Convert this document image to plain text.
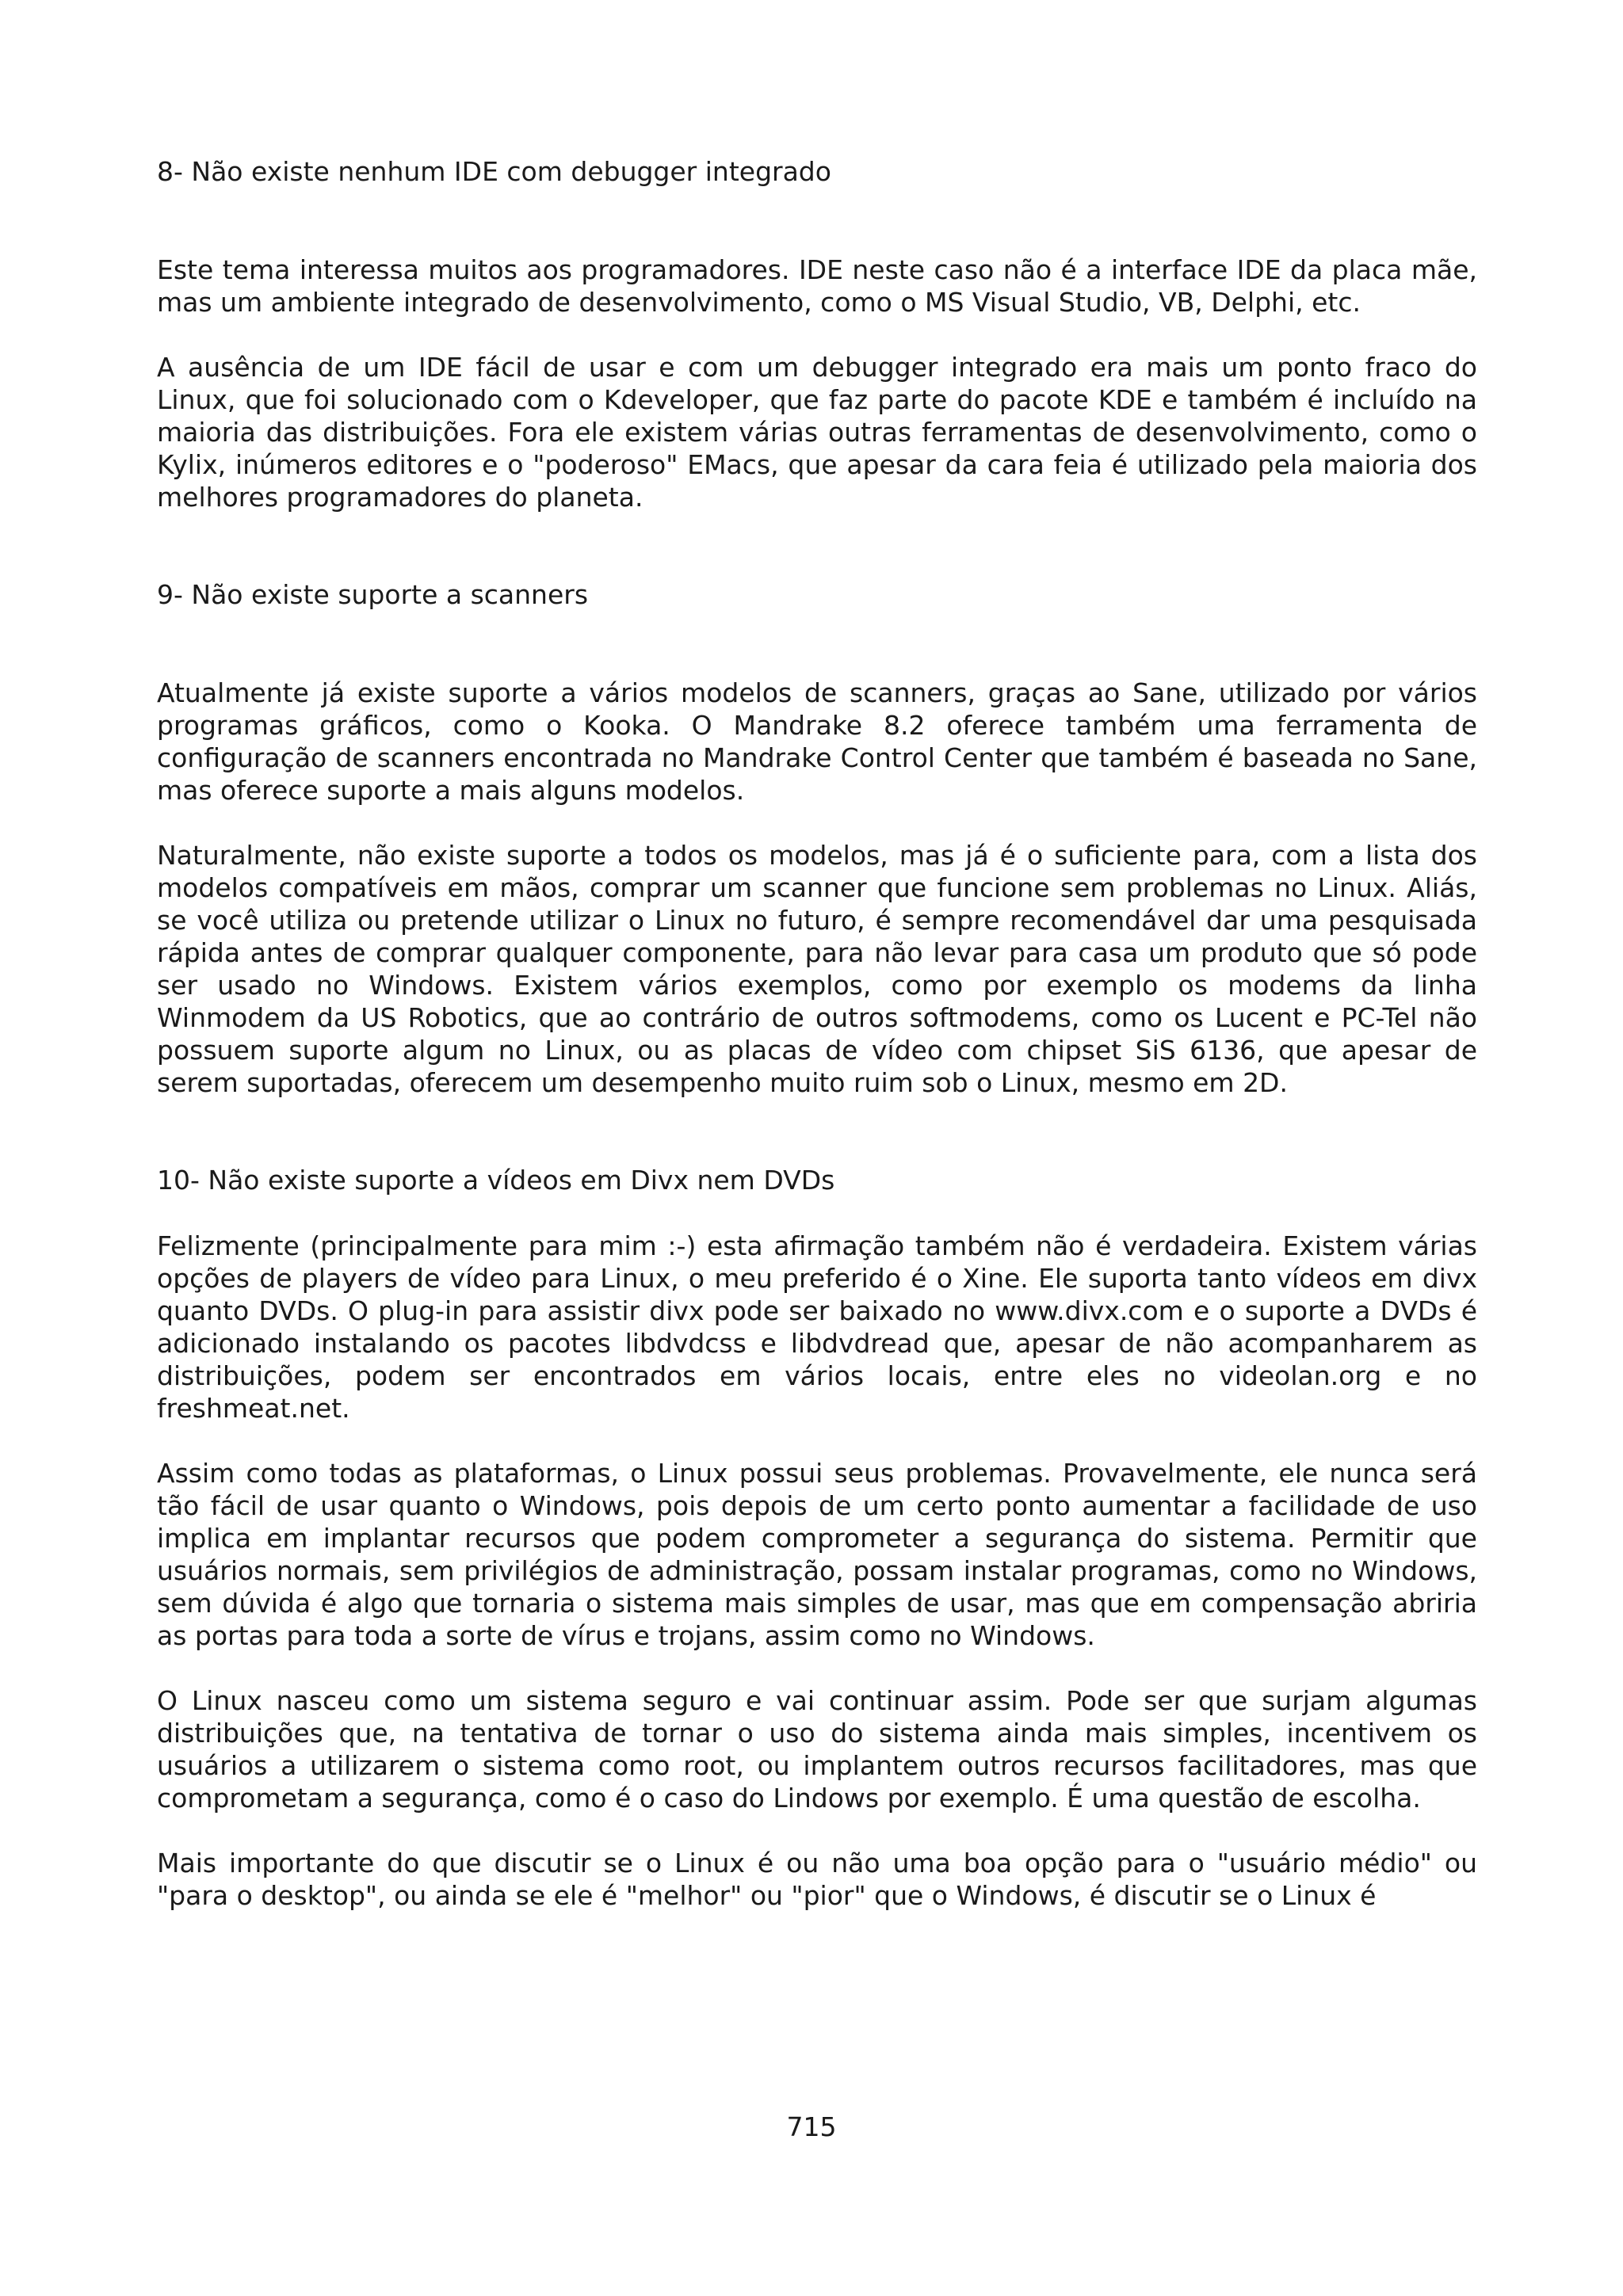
8- Não existe nenhum IDE com debugger integrado

Este tema interessa muitos aos programadores. IDE neste caso não é a interface IDE da placa mãe, mas um ambiente integrado de desenvolvimento, como o MS Visual Studio, VB, Delphi, etc.

A ausência de um IDE fácil de usar e com um debugger integrado era mais um ponto fraco do Linux, que foi solucionado com o Kdeveloper, que faz parte do pacote KDE e também é incluído na maioria das distribuições. Fora ele existem várias outras ferramentas de desenvolvimento, como o Kylix, inúmeros editores e o "poderoso" EMacs, que apesar da cara feia é utilizado pela maioria dos melhores programadores do planeta.

9- Não existe suporte a scanners

Atualmente já existe suporte a vários modelos de scanners, graças ao Sane, utilizado por vários programas gráficos, como o Kooka. O Mandrake 8.2 oferece também uma ferramenta de configuração de scanners encontrada no Mandrake Control Center que também é baseada no Sane, mas oferece suporte a mais alguns modelos.

Naturalmente, não existe suporte a todos os modelos, mas já é o suficiente para, com a lista dos modelos compatíveis em mãos, comprar um scanner que funcione sem problemas no Linux. Aliás, se você utiliza ou pretende utilizar o Linux no futuro, é sempre recomendável dar uma pesquisada rápida antes de comprar qualquer componente, para não levar para casa um produto que só pode ser usado no Windows. Existem vários exemplos, como por exemplo os modems da linha Winmodem da US Robotics, que ao contrário de outros softmodems, como os Lucent e PC-Tel não possuem suporte algum no Linux, ou as placas de vídeo com chipset SiS 6136, que apesar de serem suportadas, oferecem um desempenho muito ruim sob o Linux, mesmo em 2D.

10- Não existe suporte a vídeos em Divx nem DVDs

Felizmente (principalmente para mim :-) esta afirmação também não é verdadeira. Existem várias opções de players de vídeo para Linux, o meu preferido é o Xine. Ele suporta tanto vídeos em divx quanto DVDs. O plug-in para assistir divx pode ser baixado no www.divx.com e o suporte a DVDs é adicionado instalando os pacotes libdvdcss e libdvdread que, apesar de não acompanharem as distribuições, podem ser encontrados em vários locais, entre eles no videolan.org e no freshmeat.net.

Assim como todas as plataformas, o Linux possui seus problemas. Provavelmente, ele nunca será tão fácil de usar quanto o Windows, pois depois de um certo ponto aumentar a facilidade de uso implica em implantar recursos que podem comprometer a segurança do sistema. Permitir que usuários normais, sem privilégios de administração, possam instalar programas, como no Windows, sem dúvida é algo que tornaria o sistema mais simples de usar, mas que em compensação abriria as portas para toda a sorte de vírus e trojans, assim como no Windows.

O Linux nasceu como um sistema seguro e vai continuar assim. Pode ser que surjam algumas distribuições que, na tentativa de tornar o uso do sistema ainda mais simples, incentivem os usuários a utilizarem o sistema como root, ou implantem outros recursos facilitadores, mas que comprometam a segurança, como é o caso do Lindows por exemplo. É uma questão de escolha.

Mais importante do que discutir se o Linux é ou não uma boa opção para o "usuário médio" ou "para o desktop", ou ainda se ele é "melhor" ou "pior" que o Windows, é discutir se o Linux é

715
